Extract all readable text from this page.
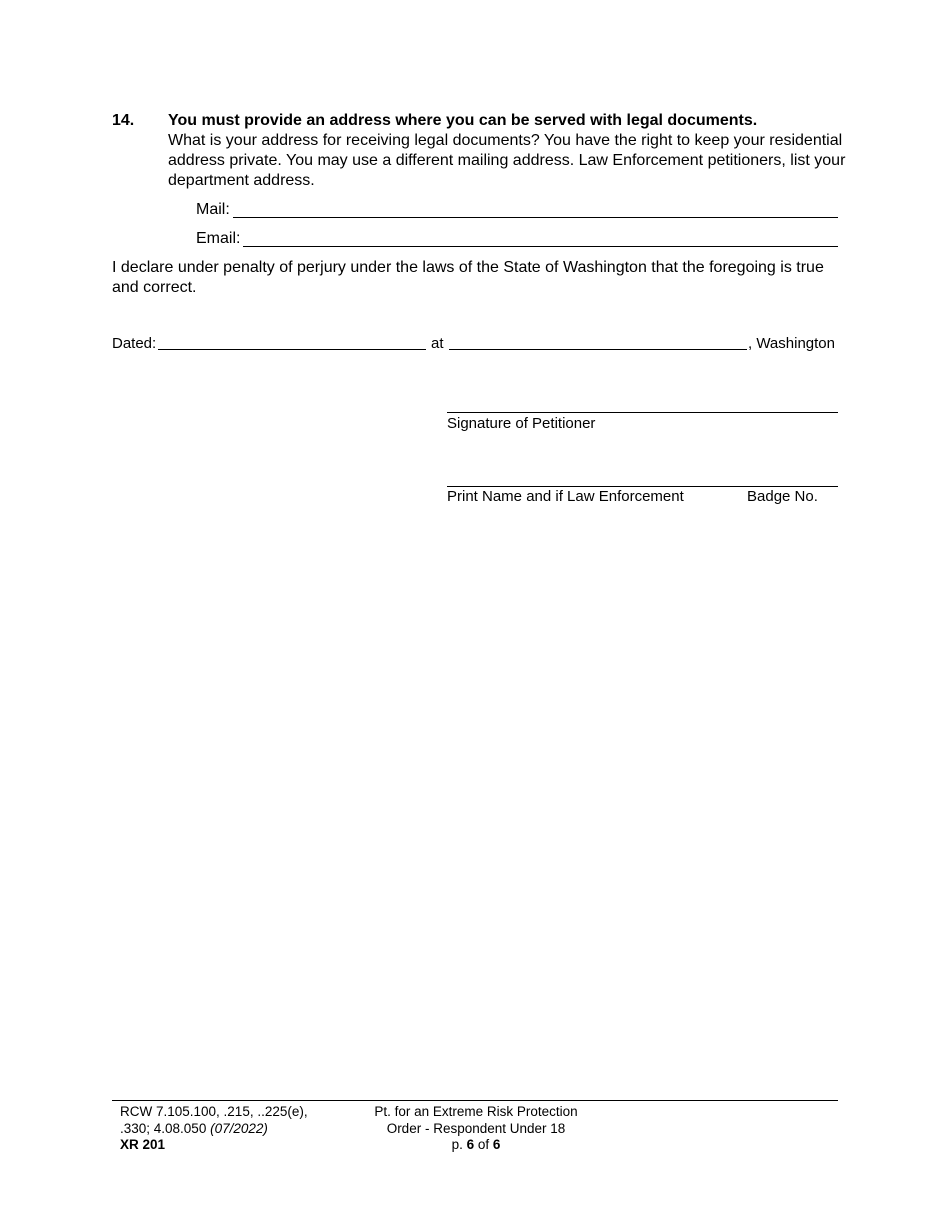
14. You must provide an address where you can be served with legal documents.
What is your address for receiving legal documents? You have the right to keep your residential address private. You may use a different mailing address. Law Enforcement petitioners, list your department address.
Mail:
Email:
I declare under penalty of perjury under the laws of the State of Washington that the foregoing is true and correct.
Dated:	at	, Washington
Signature of Petitioner
Print Name and if Law Enforcement	Badge No.
RCW 7.105.100, .215, ..225(e),
.330; 4.08.050 (07/2022)
XR 201
Pt. for an Extreme Risk Protection
Order - Respondent Under 18
p. 6 of 6
